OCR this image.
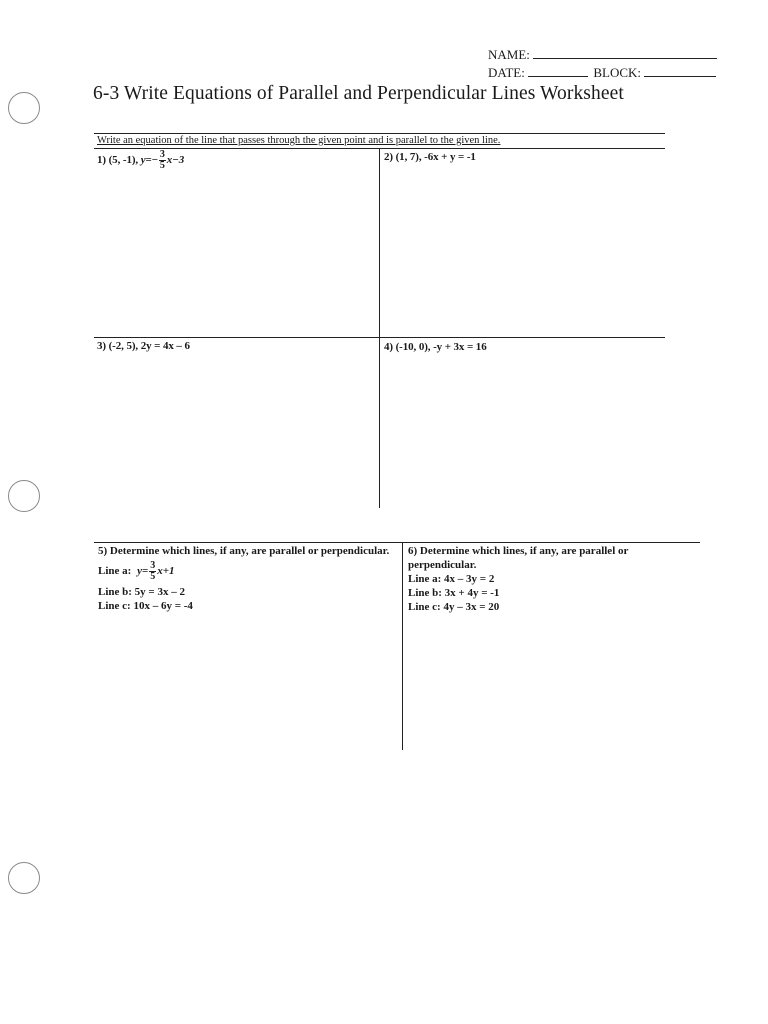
NAME:
DATE:	BLOCK:
6-3 Write Equations of Parallel and Perpendicular Lines Worksheet
Write an equation of the line that passes through the given point and is parallel to the given line.
1) (5, -1), $y=- \frac{3}{5} x-3$	2) (1, 7), -6x + y = -1
3) (-2, 5), 2y = 4x – 6	4) (-10, 0), -y + 3x = 16
5) Determine which lines, if any, are parallel or perpendicular.
Line a: $y= \frac{3}{5} x+1$
Line b: 5y = 3x – 2
Line c: 10x – 6y = -4
6) Determine which lines, if any, are parallel or perpendicular.
Line a: 4x – 3y = 2
Line b: 3x + 4y = -1
Line c: 4y – 3x = 20
